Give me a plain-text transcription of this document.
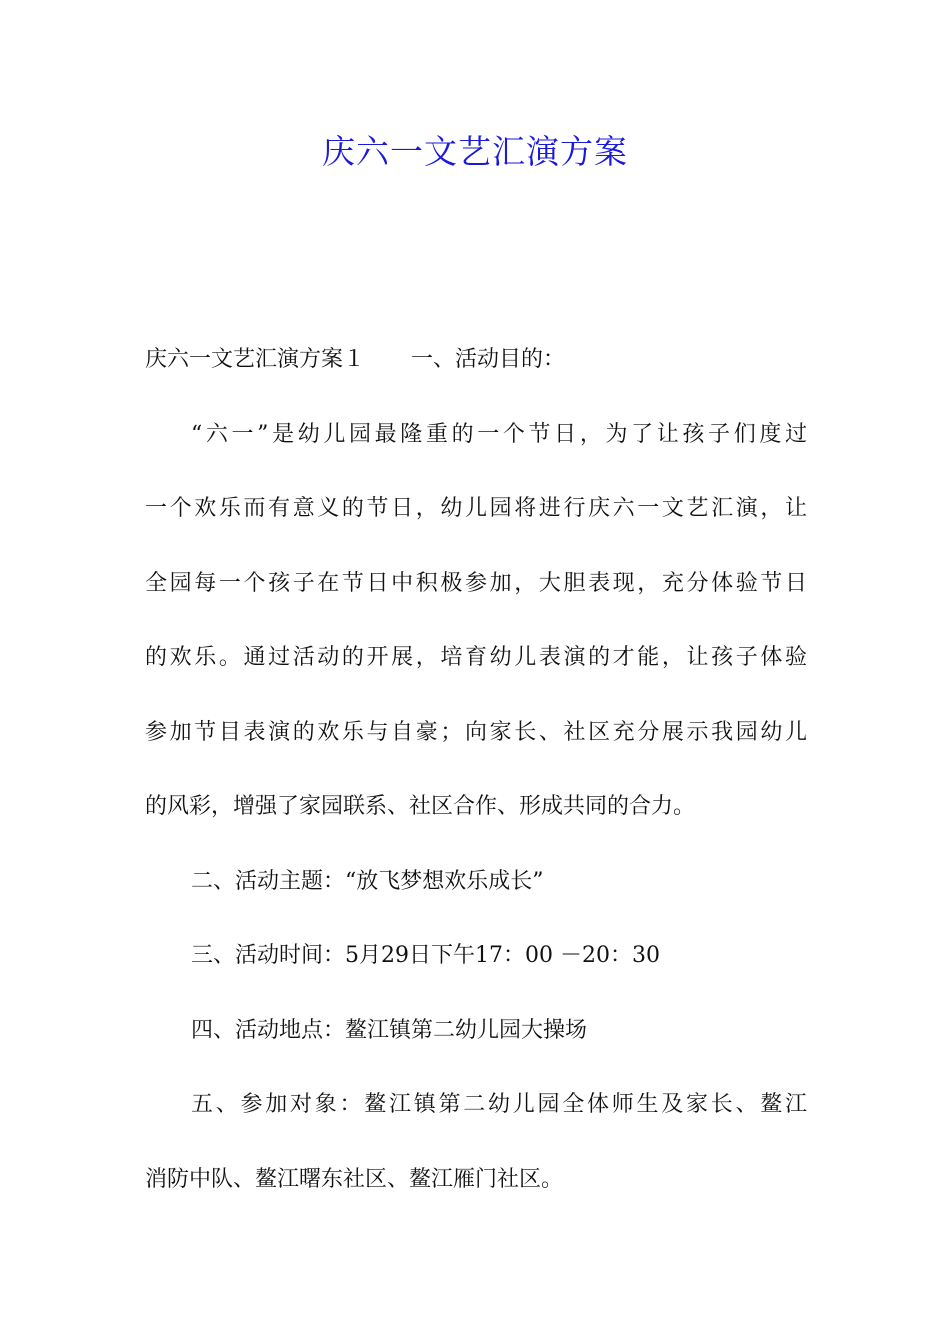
庆六一文艺汇演方案
庆六一文艺汇演方案１ 一、活动目的：
“六一”是幼儿园最隆重的一个节日，为了让孩子们度过
一个欢乐而有意义的节日，幼儿园将进行庆六一文艺汇演，让
全园每一个孩子在节日中积极参加，大胆表现，充分体验节日
的欢乐。通过活动的开展，培育幼儿表演的才能，让孩子体验
参加节目表演的欢乐与自豪；向家长、社区充分展示我园幼儿
的风彩，增强了家园联系、社区合作、形成共同的合力。
二、活动主题：“放飞梦想欢乐成长”
三、活动时间：5月29日下午17：00 －20：30
四、活动地点：鳌江镇第二幼儿园大操场
五、参加对象：鳌江镇第二幼儿园全体师生及家长、鳌江
消防中队、鳌江曙东社区、鳌江雁门社区。
